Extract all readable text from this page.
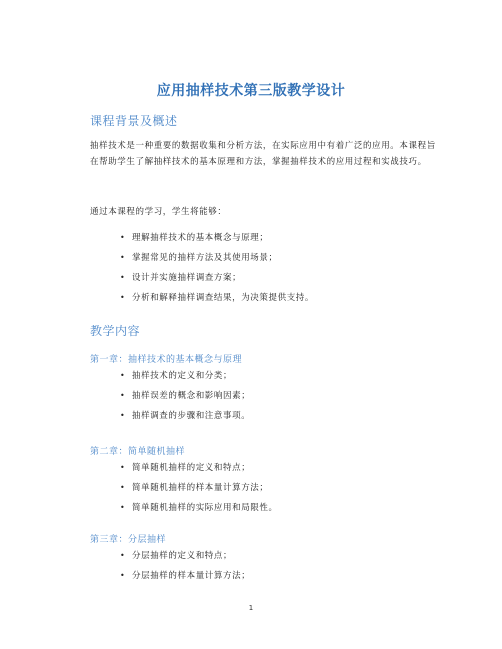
应用抽样技术第三版教学设计
课程背景及概述
抽样技术是一种重要的数据收集和分析方法，在实际应用中有着广泛的应用。本课程旨在帮助学生了解抽样技术的基本原理和方法，掌握抽样技术的应用过程和实战技巧。
通过本课程的学习，学生将能够：
• 理解抽样技术的基本概念与原理；
• 掌握常见的抽样方法及其使用场景；
• 设计并实施抽样调查方案；
• 分析和解释抽样调查结果，为决策提供支持。
教学内容
第一章：抽样技术的基本概念与原理
• 抽样技术的定义和分类；
• 抽样误差的概念和影响因素；
• 抽样调查的步骤和注意事项。
第二章：简单随机抽样
• 简单随机抽样的定义和特点；
• 简单随机抽样的样本量计算方法；
• 简单随机抽样的实际应用和局限性。
第三章：分层抽样
• 分层抽样的定义和特点；
• 分层抽样的样本量计算方法；
1
